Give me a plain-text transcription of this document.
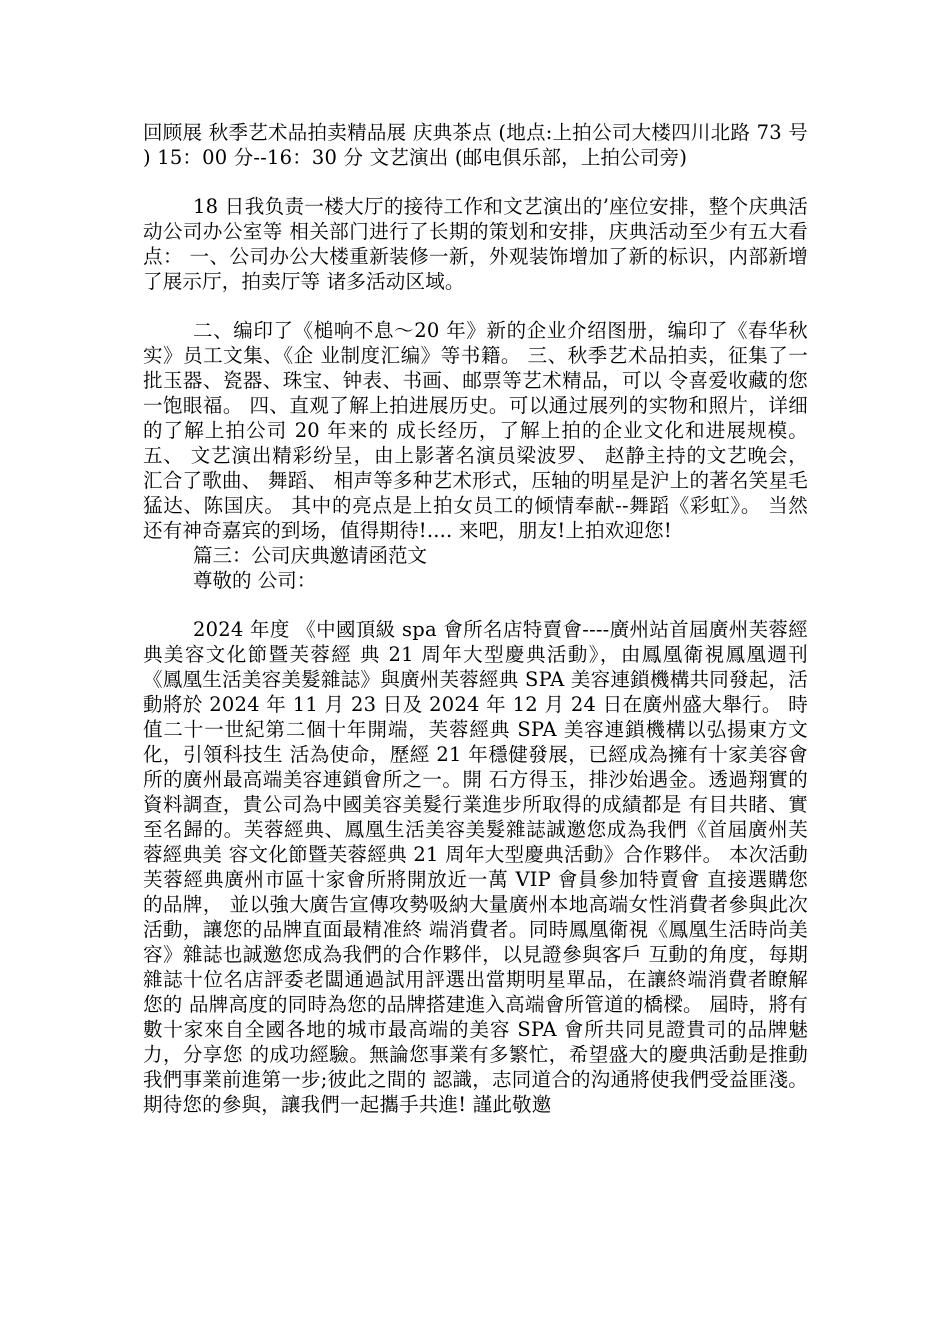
回顾展 秋季艺术品拍卖精品展 庆典茶点 (地点:上拍公司大楼四川北路 73 号 ) 15：00 分--16：30 分 文艺演出 (邮电俱乐部，上拍公司旁)

18 日我负责一楼大厅的接待工作和文艺演出的’座位安排，整个庆典活动公司办公室等 相关部门进行了长期的策划和安排，庆典活动至少有五大看点： 一、公司办公大楼重新装修一新，外观装饰增加了新的标识，内部新增了展示厅，拍卖厅等 诸多活动区域。

二、编印了《槌响不息～20 年》新的企业介绍图册，编印了《春华秋实》员工文集、《企 业制度汇编》等书籍。 三、秋季艺术品拍卖，征集了一批玉器、瓷器、珠宝、钟表、书画、邮票等艺术精品，可以 令喜爱收藏的您一饱眼福。 四、直观了解上拍进展历史。可以通过展列的实物和照片，详细的了解上拍公司 20 年来的 成长经历，了解上拍的企业文化和进展规模。 五、 文艺演出精彩纷呈，由上影著名演员梁波罗、 赵静主持的文艺晚会， 汇合了歌曲、 舞蹈、 相声等多种艺术形式，压轴的明星是沪上的著名笑星毛猛达、陈国庆。 其中的亮点是上拍女员工的倾情奉献--舞蹈《彩虹》。 当然还有神奇嘉宾的到场，值得期待!.... 来吧，朋友!上拍欢迎您!

篇三：公司庆典邀请函范文

尊敬的 公司：

2024 年度 《中國頂級 spa 會所名店特賣會----廣州站首屆廣州芙蓉經典美容文化節暨芙蓉經 典 21 周年大型慶典活動》，由鳳凰衛視鳳凰週刊《鳳凰生活美容美髮雜誌》與廣州芙蓉經典 SPA 美容連鎖機構共同發起，活動將於 2024 年 11 月 23 日及 2024 年 12 月 24 日在廣州盛大舉行。 時值二十一世紀第二個十年開端，芙蓉經典 SPA 美容連鎖機構以弘揚東方文化，引領科技生 活為使命，歷經 21 年穩健發展，已經成為擁有十家美容會所的廣州最高端美容連鎖會所之一。開 石方得玉，排沙始遇金。透過翔實的資料調查，貴公司為中國美容美髮行業進步所取得的成績都是 有目共睹、實至名歸的。芙蓉經典、鳳凰生活美容美髮雜誌誠邀您成為我們《首屆廣州芙蓉經典美 容文化節暨芙蓉經典 21 周年大型慶典活動》合作夥伴。 本次活動 芙蓉經典廣州市區十家會所將開放近一萬 VIP 會員參加特賣會 直接選購您的品牌， 並以強大廣告宣傳攻勢吸納大量廣州本地高端女性消費者參與此次活動，讓您的品牌直面最精准終 端消費者。同時鳳凰衛視《鳳凰生活時尚美容》雜誌也誠邀您成為我們的合作夥伴，以見證參與客戶 互動的角度，每期雜誌十位名店評委老闆通過試用評選出當期明星單品，在讓終端消費者瞭解您的 品牌高度的同時為您的品牌搭建進入高端會所管道的橋樑。 屆時，將有數十家來自全國各地的城市最高端的美容 SPA 會所共同見證貴司的品牌魅力，分享您 的成功經驗。無論您事業有多繁忙，希望盛大的慶典活動是推動我們事業前進第一步;彼此之間的 認識，志同道合的沟通將使我們受益匪淺。 期待您的參與，讓我們一起攜手共進! 謹此敬邀
